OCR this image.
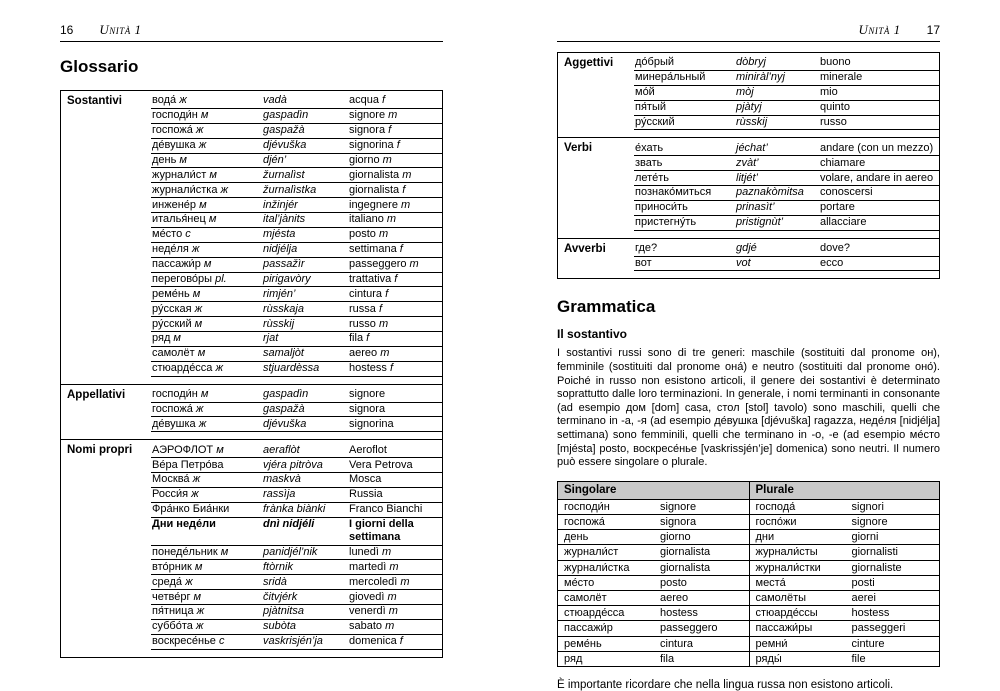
16 Unità 1
Glossario
Sostantivi	вода́ ж	vadà	acqua f
господи́н м	gaspadìn	signore m
госпожа́ ж	gaspažà	signora f
де́вушка ж	djévuška	signorina f
день м	djén’	giorno m
журнали́ст м	žurnalìst	giornalista m
журнали́стка ж	žurnalìstka	giornalista f
инжене́р м	inžinjér	ingegnere m
италья́нец м	ital’jànits	italiano m
ме́сто с	mjésta	posto m
неде́ля ж	nidjélja	settimana f
пассажи́р м	passažìr	passeggero m
перегово́ры pl.	pirigavòry	trattativa f
реме́нь м	rimjén’	cintura f
ру́сская ж	rùsskaja	russa f
ру́сский м	rùsskij	russo m
ряд м	rjat	fila f
самолёт м	samaljòt	aereo m
стюарде́сса ж	stjuardèssa	hostess f
Appellativi	господи́н м	gaspadìn	signore
госпожа́ ж	gaspažà	signora
де́вушка ж	djévuška	signorina
Nomi propri	АЭРОФЛОТ м	aeraflòt	Aeroflot
Ве́ра Петро́ва	vjéra pitròva	Vera Petrova
Москва́ ж	maskvà	Mosca
Росси́я ж	rassìja	Russia
Фра́нко Биа́нки	frànka biànki	Franco Bianchi
Дни неде́ли	dnì nidjéli	I giorni della settimana
понеде́льник м	panidjél’nik	lunedì m
вто́рник м	ftòrnik	martedì m
среда́ ж	sridà	mercoledì m
четве́рг м	čitvjérk	giovedì m
пя́тница ж	pjàtnitsa	venerdì m
суббо́та ж	subòta	sabato m
воскресе́нье с	vaskrisjén’ja	domenica f
Unità 1 17
Aggettivi	до́брый	dòbryj	buono
минера́льный	miniràl’nyj	minerale
мо́й	mòj	mio
пя́тый	pjàtyj	quinto
ру́сский	rùsskij	russo
Verbi	е́хать	jéchat’	andare (con un mezzo)
звать	zvàt’	chiamare
лете́ть	litjét’	volare, andare in aereo
познако́миться	paznakòmitsa	conoscersi
приноси́ть	prinasìt’	portare
пристегну́ть	pristignùt’	allacciare
Avverbi	где?	gdjé	dove?
вот	vot	ecco
Grammatica
Il sostantivo

I sostantivi russi sono di tre generi: maschile (sostituiti dal pronome он), femminile (sostituiti dal pronome она́) e neutro (sostituiti dal pronome оно́). Poiché in russo non esistono articoli, il genere dei sostantivi è determinato soprattutto dalle loro terminazioni. In generale, i nomi terminanti in consonante (ad esempio дом [dom] casa, стол [stol] tavolo) sono maschili, quelli che terminano in -а, -я (ad esempio де́вушка [djévuška] ragazza, неде́ля [nidjélja] settimana) sono femminili, quelli che terminano in -о, -е (ad esempio ме́сто [mjésta] posto, воскресе́нье [vaskrissjén’je] domenica) sono neutri. Il numero può essere singolare o plurale.

Singolare	Plurale
господи́н	signore	господа́	signori
госпожа́	signora	госпо́жи	signore
день	giorno	дни	giorni
журнали́ст	giornalista	журнали́сты	giornalisti
журнали́стка	giornalista	журнали́стки	giornaliste
ме́сто	posto	места́	posti
самолёт	aereo	самолёты	aerei
стюарде́сса	hostess	стюарде́ссы	hostess
пассажи́р	passeggero	пассажи́ры	passeggeri
реме́нь	cintura	ремни́	cinture
ряд	fila	ряды́	file

È importante ricordare che nella lingua russa non esistono articoli.
